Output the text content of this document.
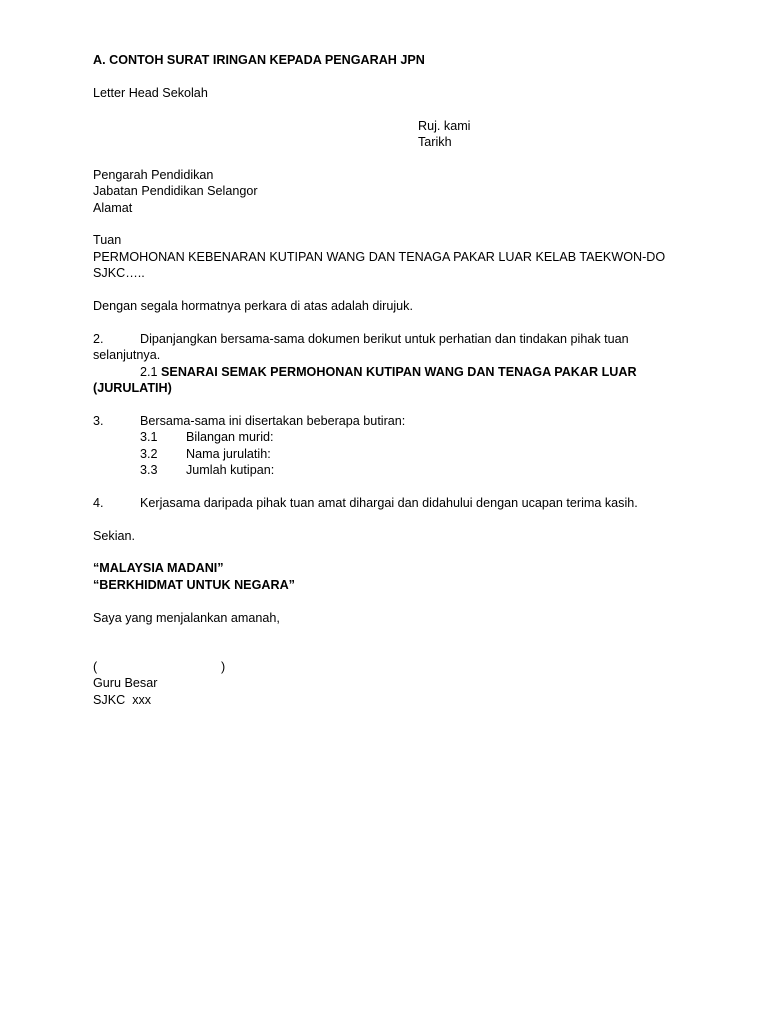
A. CONTOH SURAT IRINGAN KEPADA PENGARAH JPN
Letter Head Sekolah
Ruj. kami
Tarikh
Pengarah Pendidikan
Jabatan Pendidikan Selangor
Alamat
Tuan
PERMOHONAN KEBENARAN KUTIPAN WANG DAN TENAGA PAKAR LUAR KELAB TAEKWON-DO
SJKC…..
Dengan segala hormatnya perkara di atas adalah dirujuk.
2.	Dipanjangkan bersama-sama dokumen berikut untuk perhatian dan tindakan pihak tuan
selanjutnya.
2.1 SENARAI SEMAK PERMOHONAN KUTIPAN WANG DAN TENAGA PAKAR LUAR
(JURULATIH)
3.	Bersama-sama ini disertakan beberapa butiran:
3.1 Bilangan murid:
3.2 Nama jurulatih:
3.3 Jumlah kutipan:
4.	Kerjasama daripada pihak tuan amat dihargai dan didahului dengan ucapan terima kasih.
Sekian.
“MALAYSIA MADANI”
“BERKHIDMAT UNTUK NEGARA”
Saya yang menjalankan amanah,
(	)
Guru Besar
SJKC  xxx
